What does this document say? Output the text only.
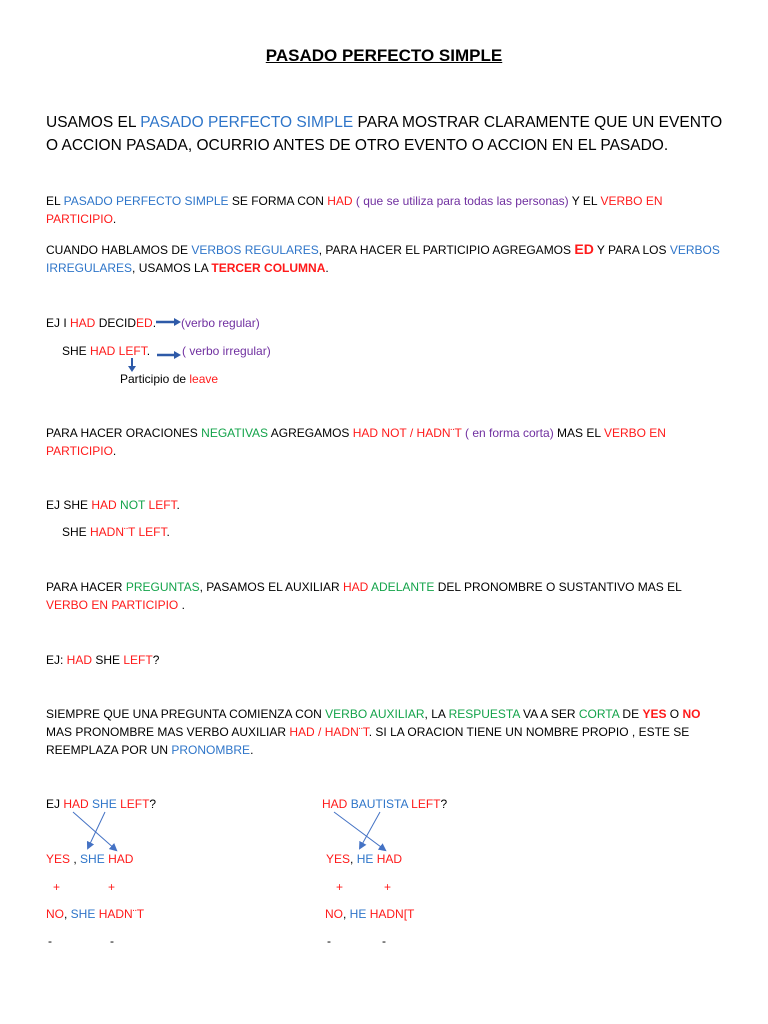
PASADO PERFECTO SIMPLE
USAMOS EL PASADO PERFECTO SIMPLE PARA MOSTRAR CLARAMENTE QUE UN EVENTO O ACCION PASADA, OCURRIO ANTES DE OTRO EVENTO O ACCION EN EL PASADO.
EL PASADO PERFECTO SIMPLE SE FORMA CON HAD ( que se utiliza para todas las personas) Y EL VERBO EN PARTICIPIO.
CUANDO HABLAMOS DE VERBOS REGULARES, PARA HACER EL PARTICIPIO AGREGAMOS ED Y PARA LOS VERBOS IRREGULARES, USAMOS LA TERCER COLUMNA.
EJ I HAD DECIDED. (verbo regular)
SHE HAD LEFT.	( verbo irregular)
Participio de leave
PARA HACER ORACIONES NEGATIVAS AGREGAMOS HAD NOT / HADN¨T ( en forma corta) MAS EL VERBO EN PARTICIPIO.
EJ SHE HAD NOT LEFT.
SHE HADN¨T LEFT.
PARA HACER PREGUNTAS, PASAMOS EL AUXILIAR HAD ADELANTE DEL PRONOMBRE O SUSTANTIVO MAS EL VERBO EN PARTICIPIO .
EJ: HAD SHE LEFT?
SIEMPRE QUE UNA PREGUNTA COMIENZA CON VERBO AUXILIAR, LA RESPUESTA VA A SER CORTA DE YES O NO MAS PRONOMBRE MAS VERBO AUXILIAR HAD / HADN¨T. SI LA ORACION TIENE UN NOMBRE PROPIO , ESTE SE REEMPLAZA POR UN PRONOMBRE.
EJ HAD SHE LEFT?
YES , SHE HAD
+	+
NO, SHE HADN¨T
-	-
HAD BAUTISTA LEFT?
YES, HE HAD
+	+
NO, HE HADN[T
-	-
